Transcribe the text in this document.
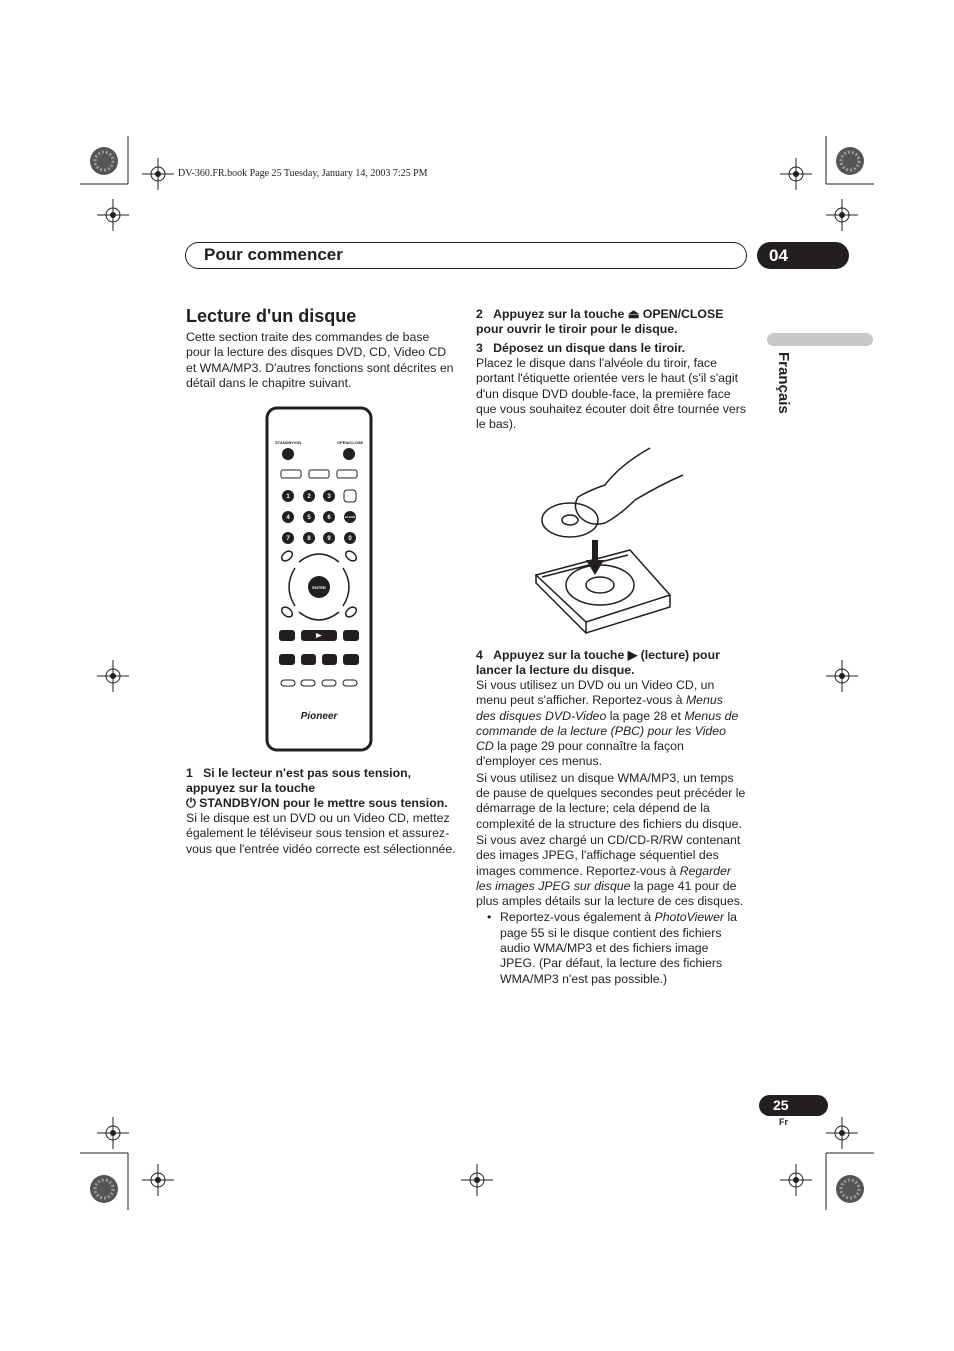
DV-360.FR.book Page 25 Tuesday, January 14, 2003 7:25 PM
Pour commencer	04
Français
Lecture d'un disque

Cette section traite des commandes de base pour la lecture des disques DVD, CD, Video CD et WMA/MP3. D'autres fonctions sont décrites en détail dans le chapitre suivant.

STANDBY/ON	OPEN/CLOSE
1	2	3
4	5	6	CLEAR
7	8	9	0
ENTER
Pioneer

1 Si le lecteur n'est pas sous tension, appuyez sur la touche
⏻ STANDBY/ON pour le mettre sous tension.

Si le disque est un DVD ou un Video CD, mettez également le téléviseur sous tension et assurez-vous que l'entrée vidéo correcte est sélectionnée.

2 Appuyez sur la touche ⏏ OPEN/CLOSE pour ouvrir le tiroir pour le disque.

3 Déposez un disque dans le tiroir.

Placez le disque dans l'alvéole du tiroir, face portant l'étiquette orientée vers le haut (s'il s'agit d'un disque DVD double-face, la première face que vous souhaitez écouter doit être tournée vers le bas).

4 Appuyez sur la touche ▶ (lecture) pour lancer la lecture du disque.

Si vous utilisez un DVD ou un Video CD, un menu peut s'afficher. Reportez-vous à Menus des disques DVD-Video la page 28 et Menus de commande de la lecture (PBC) pour les Video CD la page 29 pour connaître la façon d'employer ces menus.

Si vous utilisez un disque WMA/MP3, un temps de pause de quelques secondes peut précéder le démarrage de la lecture; cela dépend de la complexité de la structure des fichiers du disque.

Si vous avez chargé un CD/CD-R/RW contenant des images JPEG, l'affichage séquentiel des images commence. Reportez-vous à Regarder les images JPEG sur disque la page 41 pour de plus amples détails sur la lecture de ces disques.

• Reportez-vous également à PhotoViewer la page 55 si le disque contient des fichiers audio WMA/MP3 et des fichiers image JPEG. (Par défaut, la lecture des fichiers WMA/MP3 n'est pas possible.)

25
Fr
